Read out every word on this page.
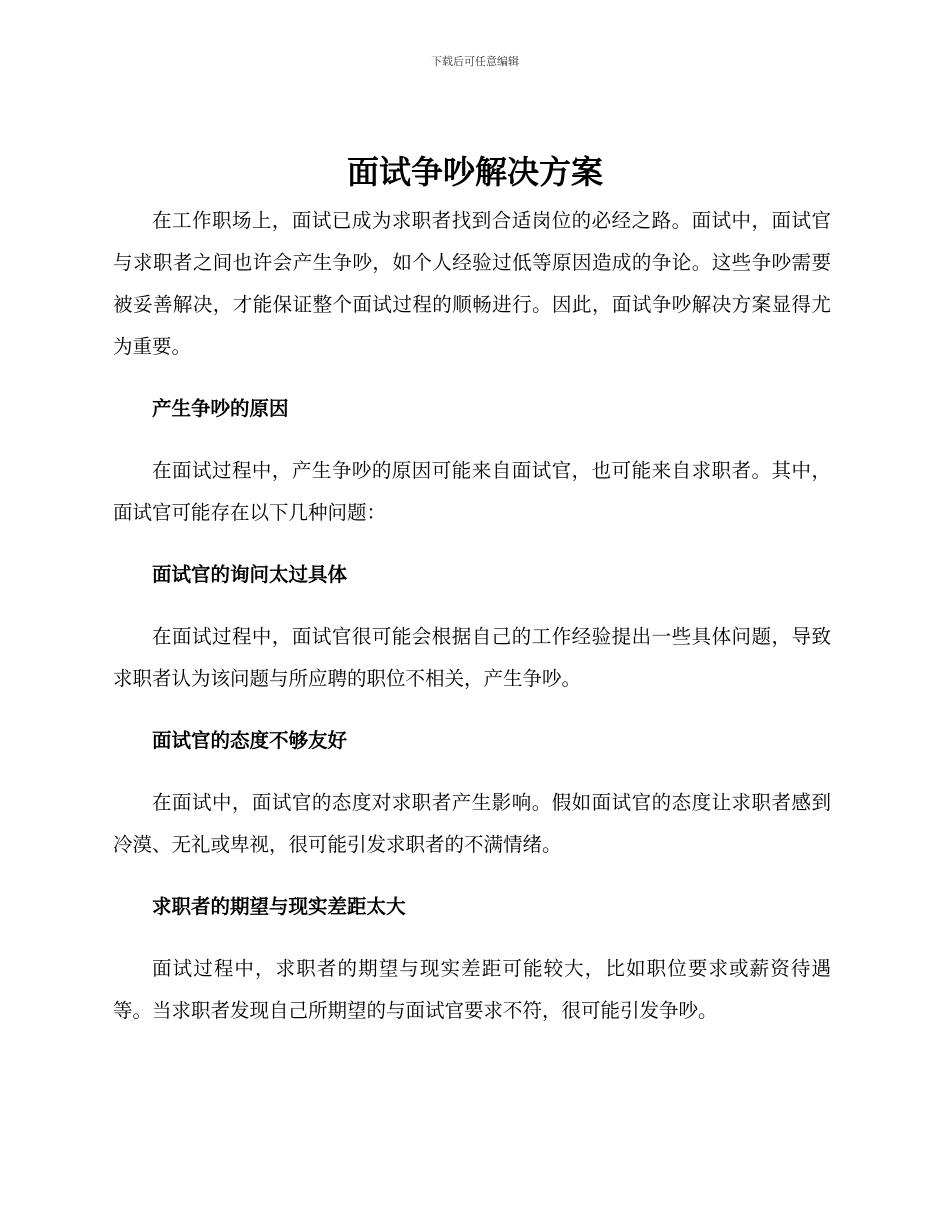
下载后可任意编辑
面试争吵解决方案

在工作职场上，面试已成为求职者找到合适岗位的必经之路。面试中，面试官与求职者之间也许会产生争吵，如个人经验过低等原因造成的争论。这些争吵需要被妥善解决，才能保证整个面试过程的顺畅进行。因此，面试争吵解决方案显得尤为重要。

产生争吵的原因

在面试过程中，产生争吵的原因可能来自面试官，也可能来自求职者。其中，面试官可能存在以下几种问题：

面试官的询问太过具体

在面试过程中，面试官很可能会根据自己的工作经验提出一些具体问题，导致求职者认为该问题与所应聘的职位不相关，产生争吵。

面试官的态度不够友好

在面试中，面试官的态度对求职者产生影响。假如面试官的态度让求职者感到冷漠、无礼或卑视，很可能引发求职者的不满情绪。

求职者的期望与现实差距太大

面试过程中，求职者的期望与现实差距可能较大，比如职位要求或薪资待遇等。当求职者发现自己所期望的与面试官要求不符，很可能引发争吵。
